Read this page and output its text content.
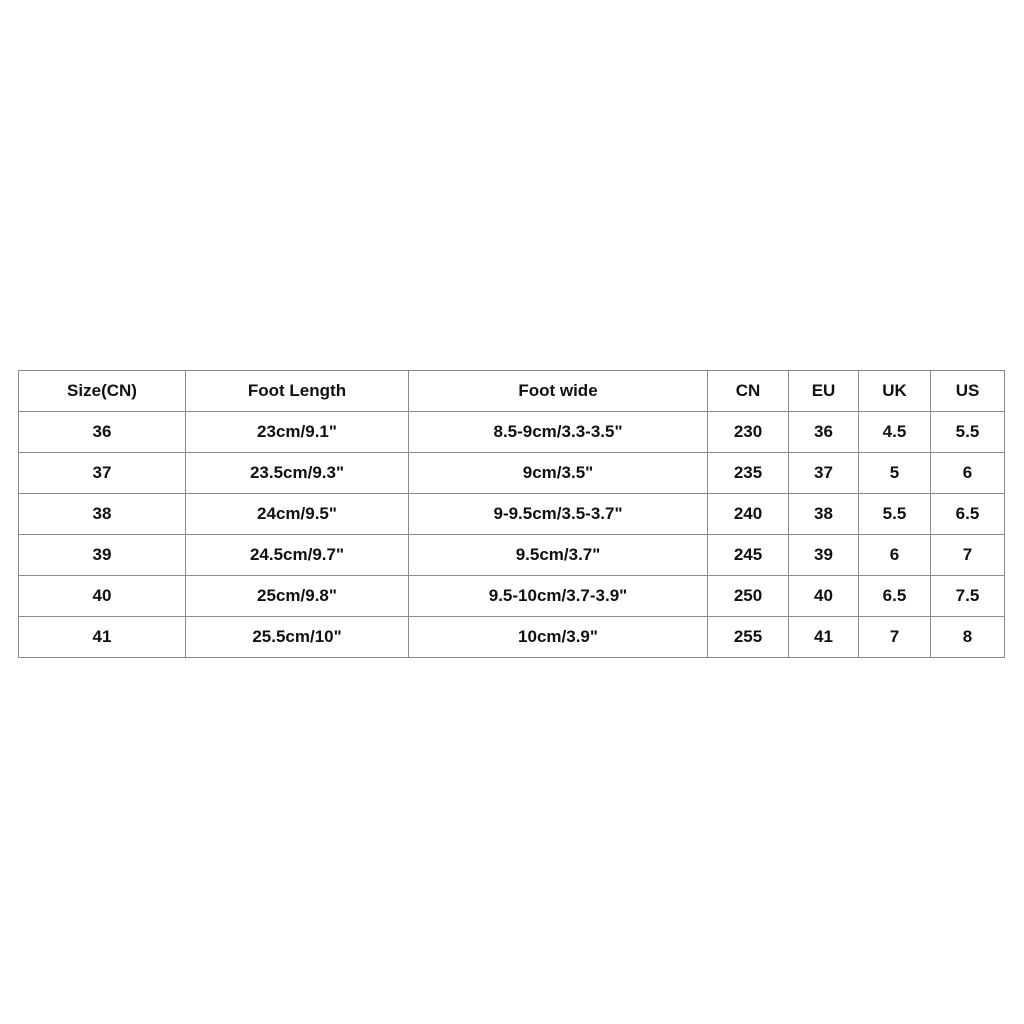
Size(CN)	Foot Length	Foot wide	CN	EU	UK	US
36	23cm/9.1"	8.5-9cm/3.3-3.5"	230	36	4.5	5.5
37	23.5cm/9.3"	9cm/3.5"	235	37	5	6
38	24cm/9.5"	9-9.5cm/3.5-3.7"	240	38	5.5	6.5
39	24.5cm/9.7"	9.5cm/3.7"	245	39	6	7
40	25cm/9.8"	9.5-10cm/3.7-3.9"	250	40	6.5	7.5
41	25.5cm/10"	10cm/3.9"	255	41	7	8
